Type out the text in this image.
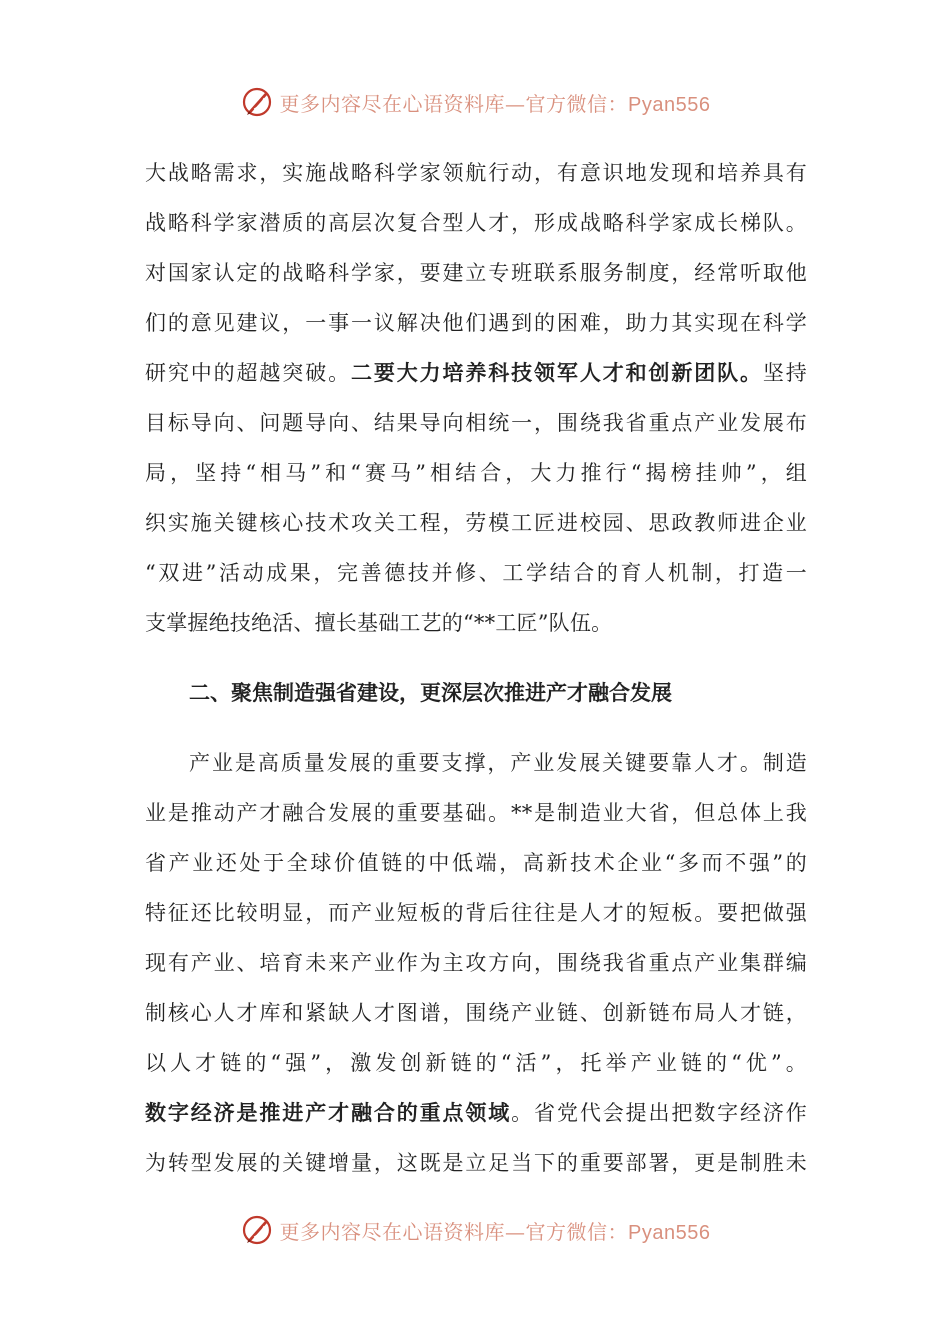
更多内容尽在心语资料库—官方微信：Pyan556
大战略需求，实施战略科学家领航行动，有意识地发现和培养具有
战略科学家潜质的高层次复合型人才，形成战略科学家成长梯队。
对国家认定的战略科学家，要建立专班联系服务制度，经常听取他
们的意见建议，一事一议解决他们遇到的困难，助力其实现在科学
研究中的超越突破。二要大力培养科技领军人才和创新团队。坚持
目标导向、问题导向、结果导向相统一，围绕我省重点产业发展布
局，坚持“相马”和“赛马”相结合，大力推行“揭榜挂帅”，组
织实施关键核心技术攻关工程，劳模工匠进校园、思政教师进企业
“双进”活动成果，完善德技并修、工学结合的育人机制，打造一
支掌握绝技绝活、擅长基础工艺的“**工匠”队伍。
二、聚焦制造强省建设，更深层次推进产才融合发展
产业是高质量发展的重要支撑，产业发展关键要靠人才。制造
业是推动产才融合发展的重要基础。**是制造业大省，但总体上我
省产业还处于全球价值链的中低端，高新技术企业“多而不强”的
特征还比较明显，而产业短板的背后往往是人才的短板。要把做强
现有产业、培育未来产业作为主攻方向，围绕我省重点产业集群编
制核心人才库和紧缺人才图谱，围绕产业链、创新链布局人才链，
以人才链的“强”，激发创新链的“活”，托举产业链的“优”。
数字经济是推进产才融合的重点领域。省党代会提出把数字经济作
为转型发展的关键增量，这既是立足当下的重要部署，更是制胜未
更多内容尽在心语资料库—官方微信：Pyan556
